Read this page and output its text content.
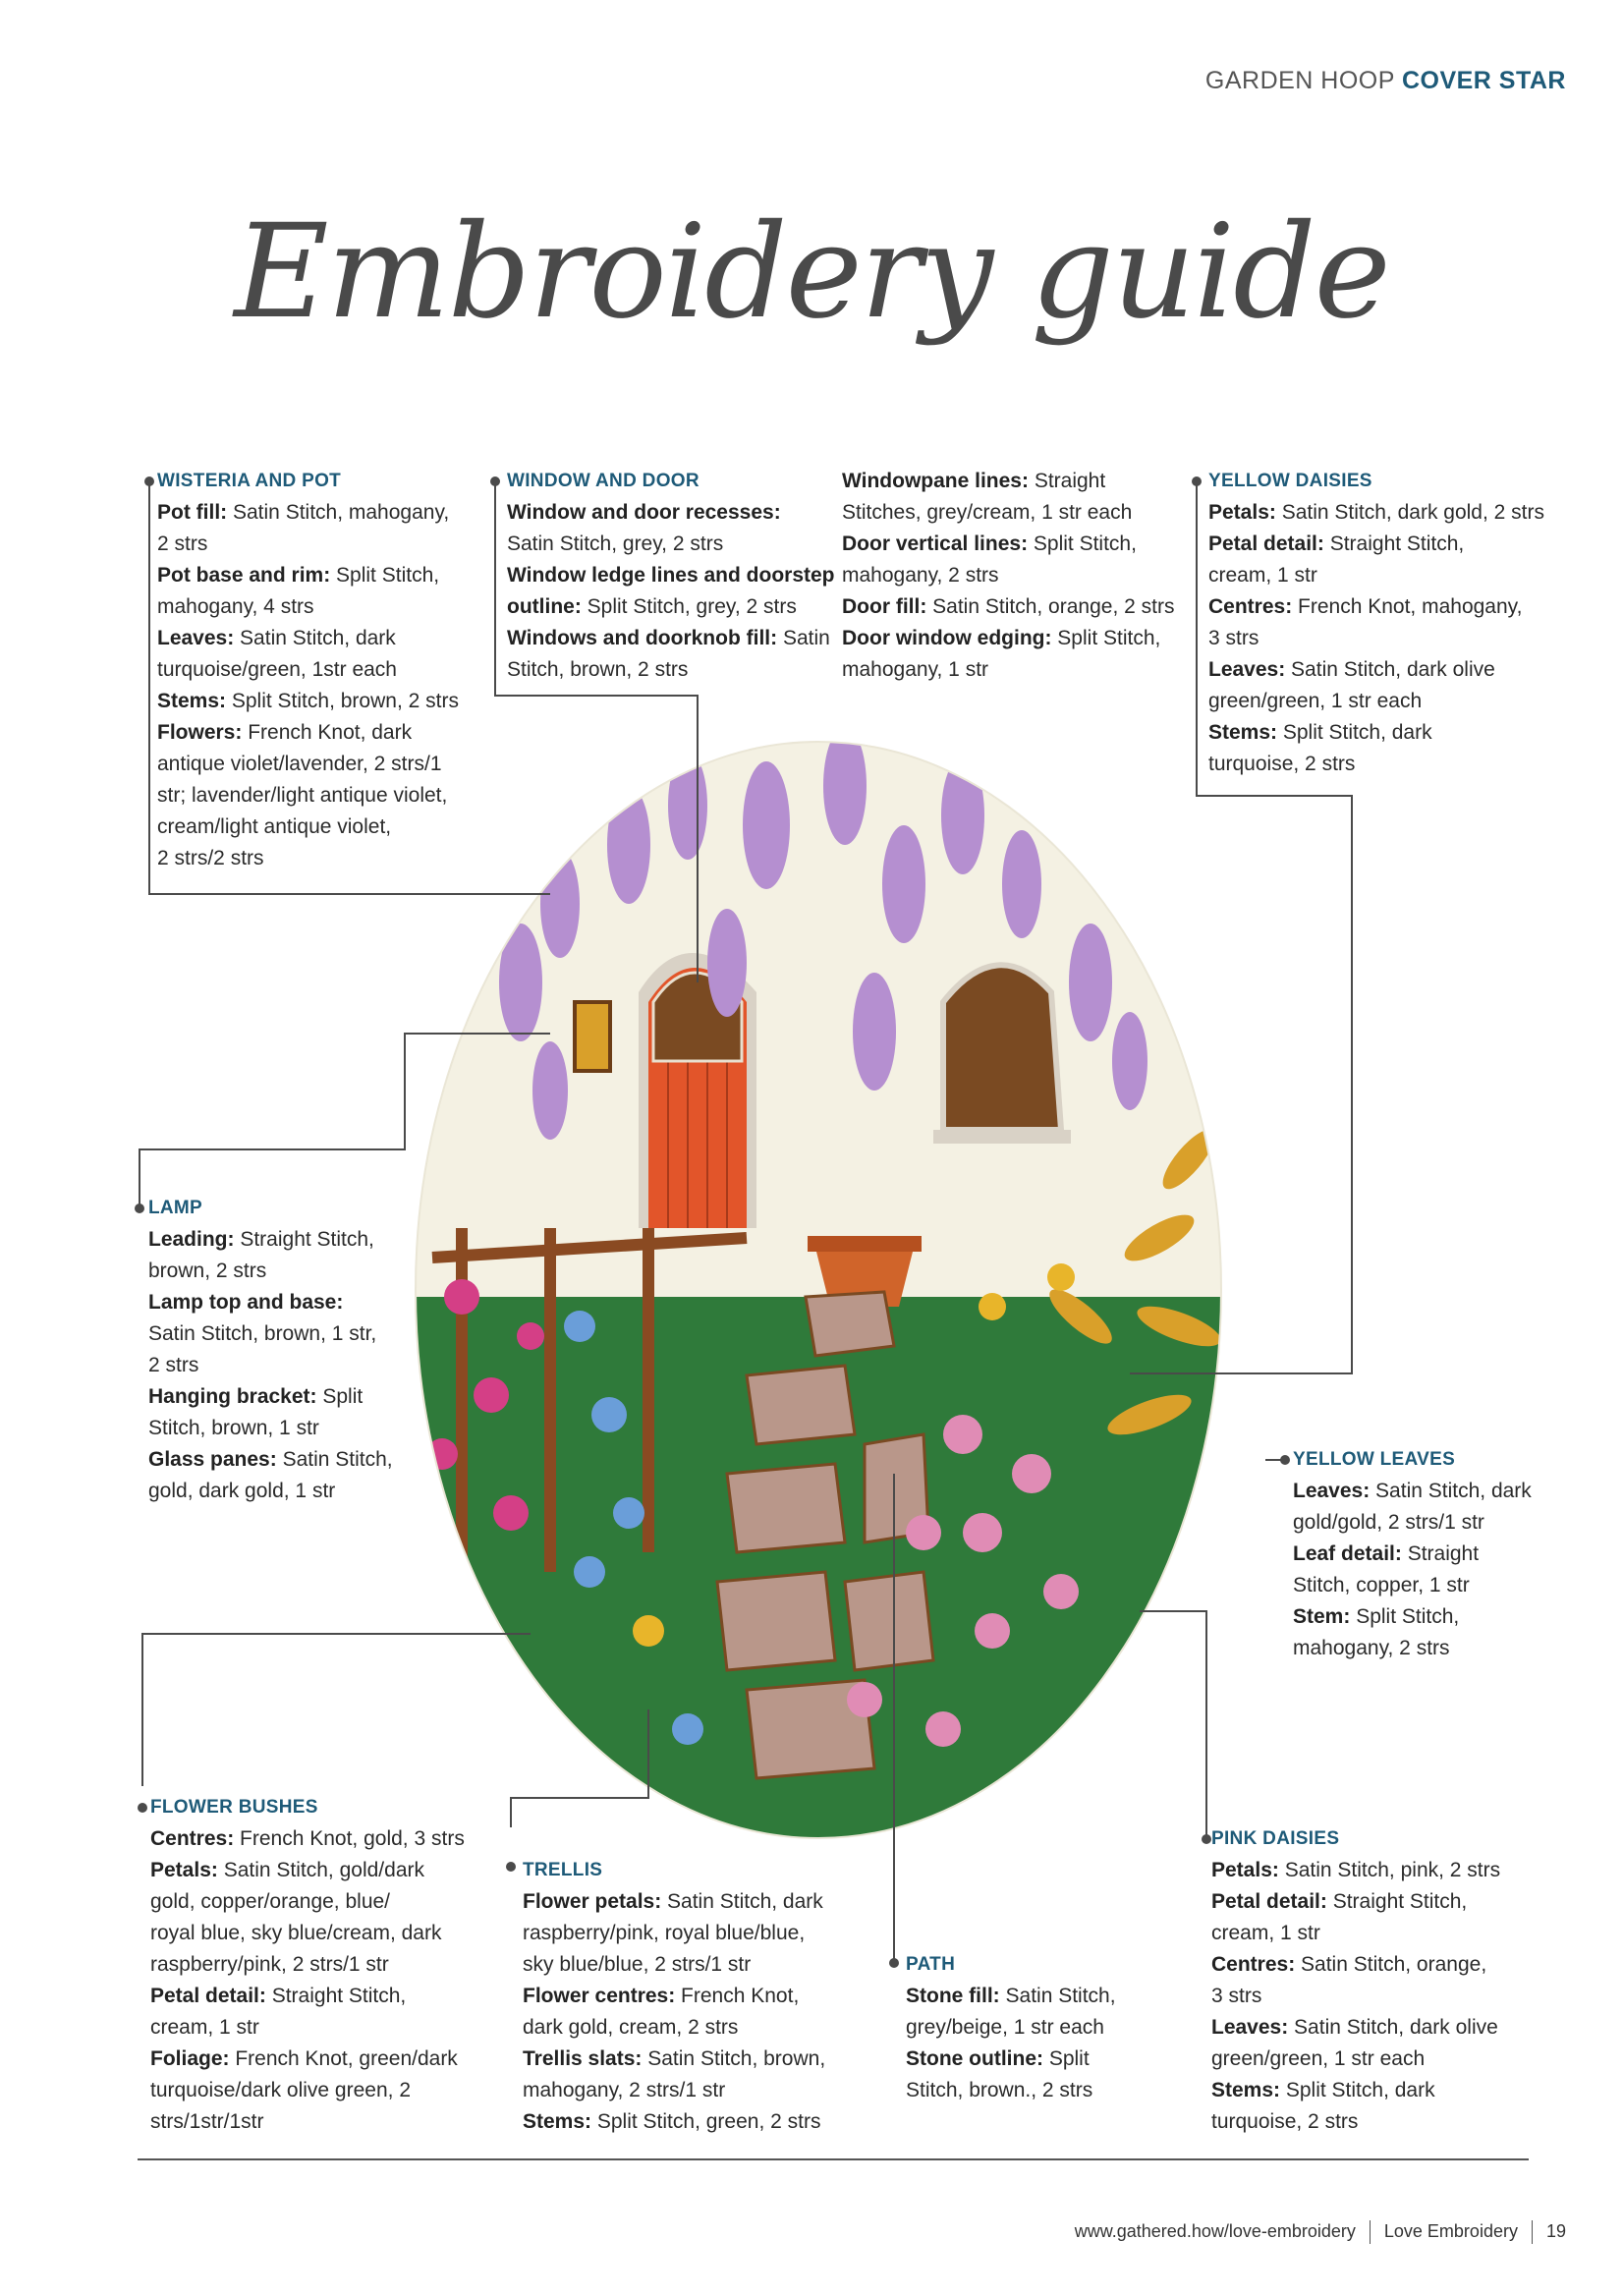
GARDEN HOOP COVER STAR
Embroidery guide
WISTERIA AND POT
Pot fill: Satin Stitch, mahogany,
2 strs
Pot base and rim: Split Stitch,
mahogany, 4 strs
Leaves: Satin Stitch, dark
turquoise/green, 1str each
Stems: Split Stitch, brown, 2 strs
Flowers: French Knot, dark
antique violet/lavender, 2 strs/1
str; lavender/light antique violet,
cream/light antique violet,
2 strs/2 strs
WINDOW AND DOOR
Window and door recesses:
Satin Stitch, grey, 2 strs
Window ledge lines and doorstep
outline: Split Stitch, grey, 2 strs
Windows and doorknob fill: Satin
Stitch, brown, 2 strs
Windowpane lines: Straight
Stitches, grey/cream, 1 str each
Door vertical lines: Split Stitch,
mahogany, 2 strs
Door fill: Satin Stitch, orange, 2 strs
Door window edging: Split Stitch,
mahogany, 1 str
YELLOW DAISIES
Petals: Satin Stitch, dark gold, 2 strs
Petal detail: Straight Stitch,
cream, 1 str
Centres: French Knot, mahogany,
3 strs
Leaves: Satin Stitch, dark olive
green/green, 1 str each
Stems: Split Stitch, dark
turquoise, 2 strs
LAMP
Leading: Straight Stitch,
brown, 2 strs
Lamp top and base:
Satin Stitch, brown, 1 str,
2 strs
Hanging bracket: Split
Stitch, brown, 1 str
Glass panes: Satin Stitch,
gold, dark gold, 1 str
YELLOW LEAVES
Leaves: Satin Stitch, dark
gold/gold, 2 strs/1 str
Leaf detail: Straight
Stitch, copper, 1 str
Stem: Split Stitch,
mahogany, 2 strs
FLOWER BUSHES
Centres: French Knot, gold, 3 strs
Petals: Satin Stitch, gold/dark
gold, copper/orange, blue/
royal blue, sky blue/cream, dark
raspberry/pink, 2 strs/1 str
Petal detail: Straight Stitch,
cream, 1 str
Foliage: French Knot, green/dark
turquoise/dark olive green, 2
strs/1str/1str
TRELLIS
Flower petals: Satin Stitch, dark
raspberry/pink, royal blue/blue,
sky blue/blue, 2 strs/1 str
Flower centres: French Knot,
dark gold, cream, 2 strs
Trellis slats: Satin Stitch, brown,
mahogany, 2 strs/1 str
Stems: Split Stitch, green, 2 strs
PATH
Stone fill: Satin Stitch,
grey/beige, 1 str each
Stone outline: Split
Stitch, brown., 2 strs
PINK DAISIES
Petals: Satin Stitch, pink, 2 strs
Petal detail: Straight Stitch,
cream, 1 str
Centres: Satin Stitch, orange,
3 strs
Leaves: Satin Stitch, dark olive
green/green, 1 str each
Stems: Split Stitch, dark
turquoise, 2 strs
www.gathered.how/love-embroidery Love Embroidery 19
